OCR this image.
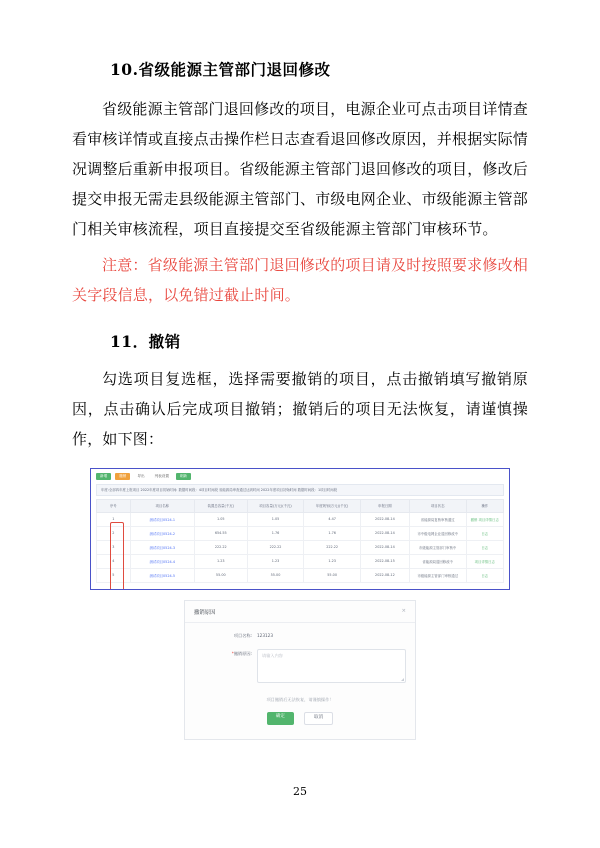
10.省级能源主管部门退回修改

省级能源主管部门退回修改的项目，电源企业可点击项目详情查看审核详情或直接点击操作栏日志查看退回修改原因，并根据实际情况调整后重新申报项目。省级能源主管部门退回修改的项目，修改后提交申报无需走县级能源主管部门、市级电网企业、市级能源主管部门相关审核流程，项目直接提交至省级能源主管部门审核环节。

注意：省级能源主管部门退回修改的项目请及时按照要求修改相关字段信息，以免错过截止时间。

11．撤销

勾选项目复选框，选择需要撤销的项目，点击撤销填写撤销原因，点击确认后完成项目撤销；撤销后的项目无法恢复，请谨慎操作，如下图：

新增	撤销	导出	列表设置	刷新
年度:全部四年度上报项目 2022年度项目初始时间: 数据时间段：4项目时间段 省能源局审查通过达到时间 2022年度项目初始时间 数据时间段：1项目时间段
序号	项目名称	装置总容量(千瓦)	项目容量(万元)(千瓦)	年度规划(万元)(千瓦)	申报日期	项目状态	操作
1	测试项目0524-1	1.05	1.05	4.47	2022-08-14	省能源局复核审核通过	撤销 项目详情日志
2	测试项目0524-2	654.55	1.76	1.76	2022-08-14	市中级电网企业退回修改中	日志
3	测试项目0524-3	222.22	222.22	222.22	2022-08-14	市级能源主管部门审核中	日志
4	测试项目0524-4	1.23	1.23	1.23	2022-08-15	省能源局退回修改中	项目详情日志
5	测试项目0524-5	55.00	55.00	55.00	2022-08-12	市级能源主管部门审核通过	日志
撤销原因	×
项目名称:	123123
*撤销原因:	请输入内容
项目撤销后无法恢复，请谨慎操作！
确定	取消
25
